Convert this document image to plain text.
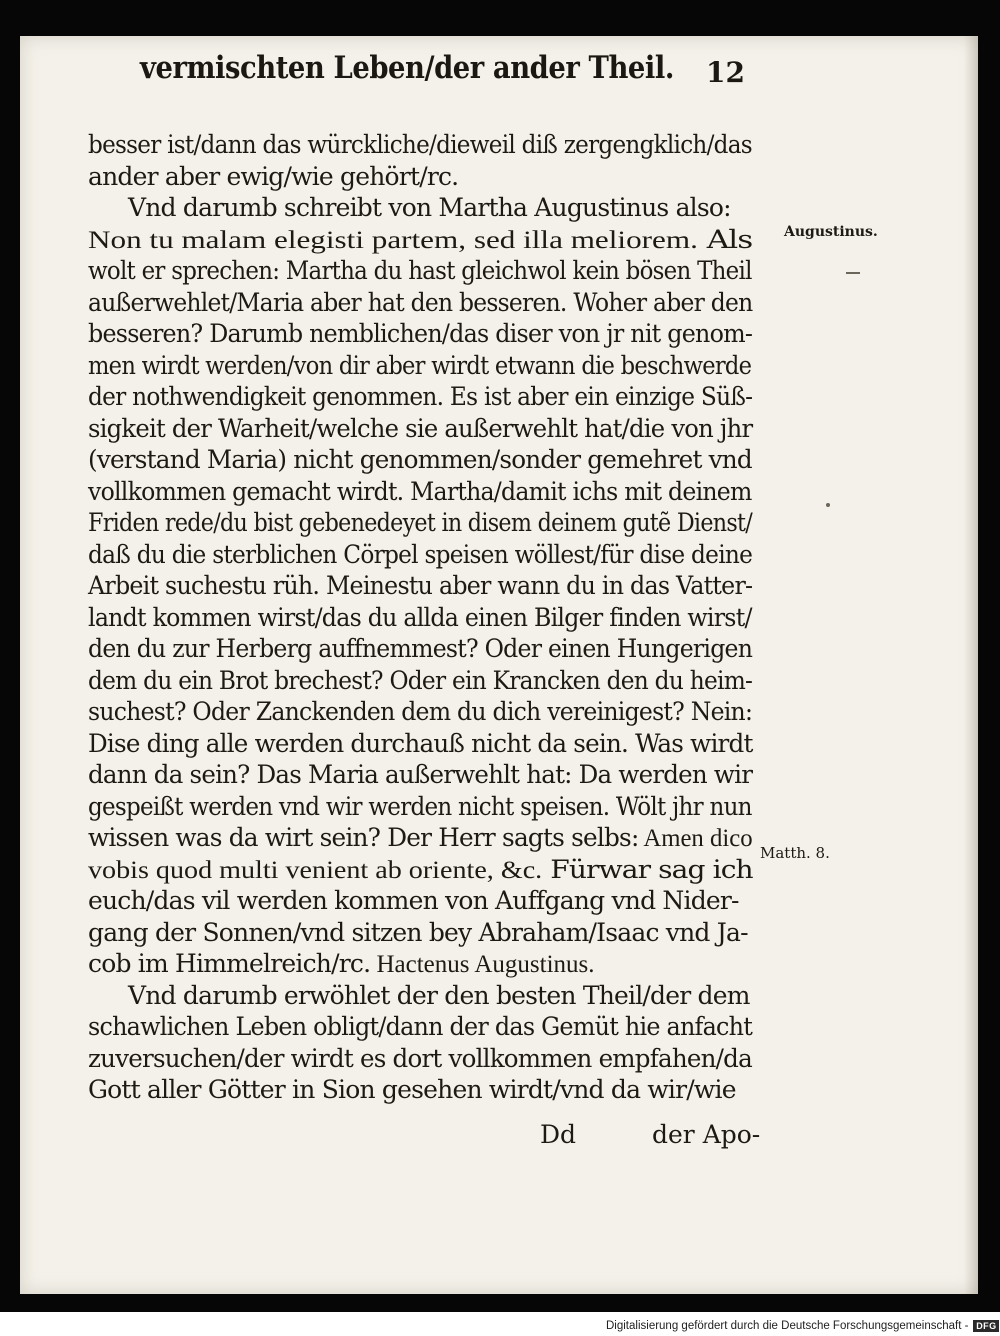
vermischten Leben/der ander Theil.	12
besser ist/dann das würckliche/dieweil diß zergengklich/das
ander aber ewig/wie gehört/rc.
Vnd darumb schreibt von Martha Augustinus also:
Non tu malam elegisti partem, sed illa meliorem. Als
wolt er sprechen: Martha du hast gleichwol kein bösen Theil
außerwehlet/Maria aber hat den besseren. Woher aber den
besseren? Darumb nemblichen/das diser von jr nit genom-
men wirdt werden/von dir aber wirdt etwann die beschwerde
der nothwendigkeit genommen. Es ist aber ein einzige Süß-
sigkeit der Warheit/welche sie außerwehlt hat/die von jhr
(verstand Maria) nicht genommen/sonder gemehret vnd
vollkommen gemacht wirdt. Martha/damit ichs mit deinem
Friden rede/du bist gebenedeyet in disem deinem gutẽ Dienst/
daß du die sterblichen Cörpel speisen wöllest/für dise deine
Arbeit suchestu rüh. Meinestu aber wann du in das Vatter-
landt kommen wirst/das du allda einen Bilger finden wirst/
den du zur Herberg auffnemmest? Oder einen Hungerigen
dem du ein Brot brechest? Oder ein Krancken den du heim-
suchest? Oder Zanckenden dem du dich vereinigest? Nein:
Dise ding alle werden durchauß nicht da sein. Was wirdt
dann da sein? Das Maria außerwehlt hat: Da werden wir
gespeißt werden vnd wir werden nicht speisen. Wölt jhr nun
wissen was da wirt sein? Der Herr sagts selbs: Amen dico
vobis quod multi venient ab oriente, &c. Fürwar sag ich
euch/das vil werden kommen von Auffgang vnd Nider-
gang der Sonnen/vnd sitzen bey Abraham/Isaac vnd Ja-
cob im Himmelreich/rc. Hactenus Augustinus.
Vnd darumb erwöhlet der den besten Theil/der dem
schawlichen Leben obligt/dann der das Gemüt hie anfacht
zuversuchen/der wirdt es dort vollkommen empfahen/da
Gott aller Götter in Sion gesehen wirdt/vnd da wir/wie
Augustinus.
Matth. 8.
Dd	der Apo-
Digitalisierung gefördert durch die Deutsche Forschungsgemeinschaft - DFG
